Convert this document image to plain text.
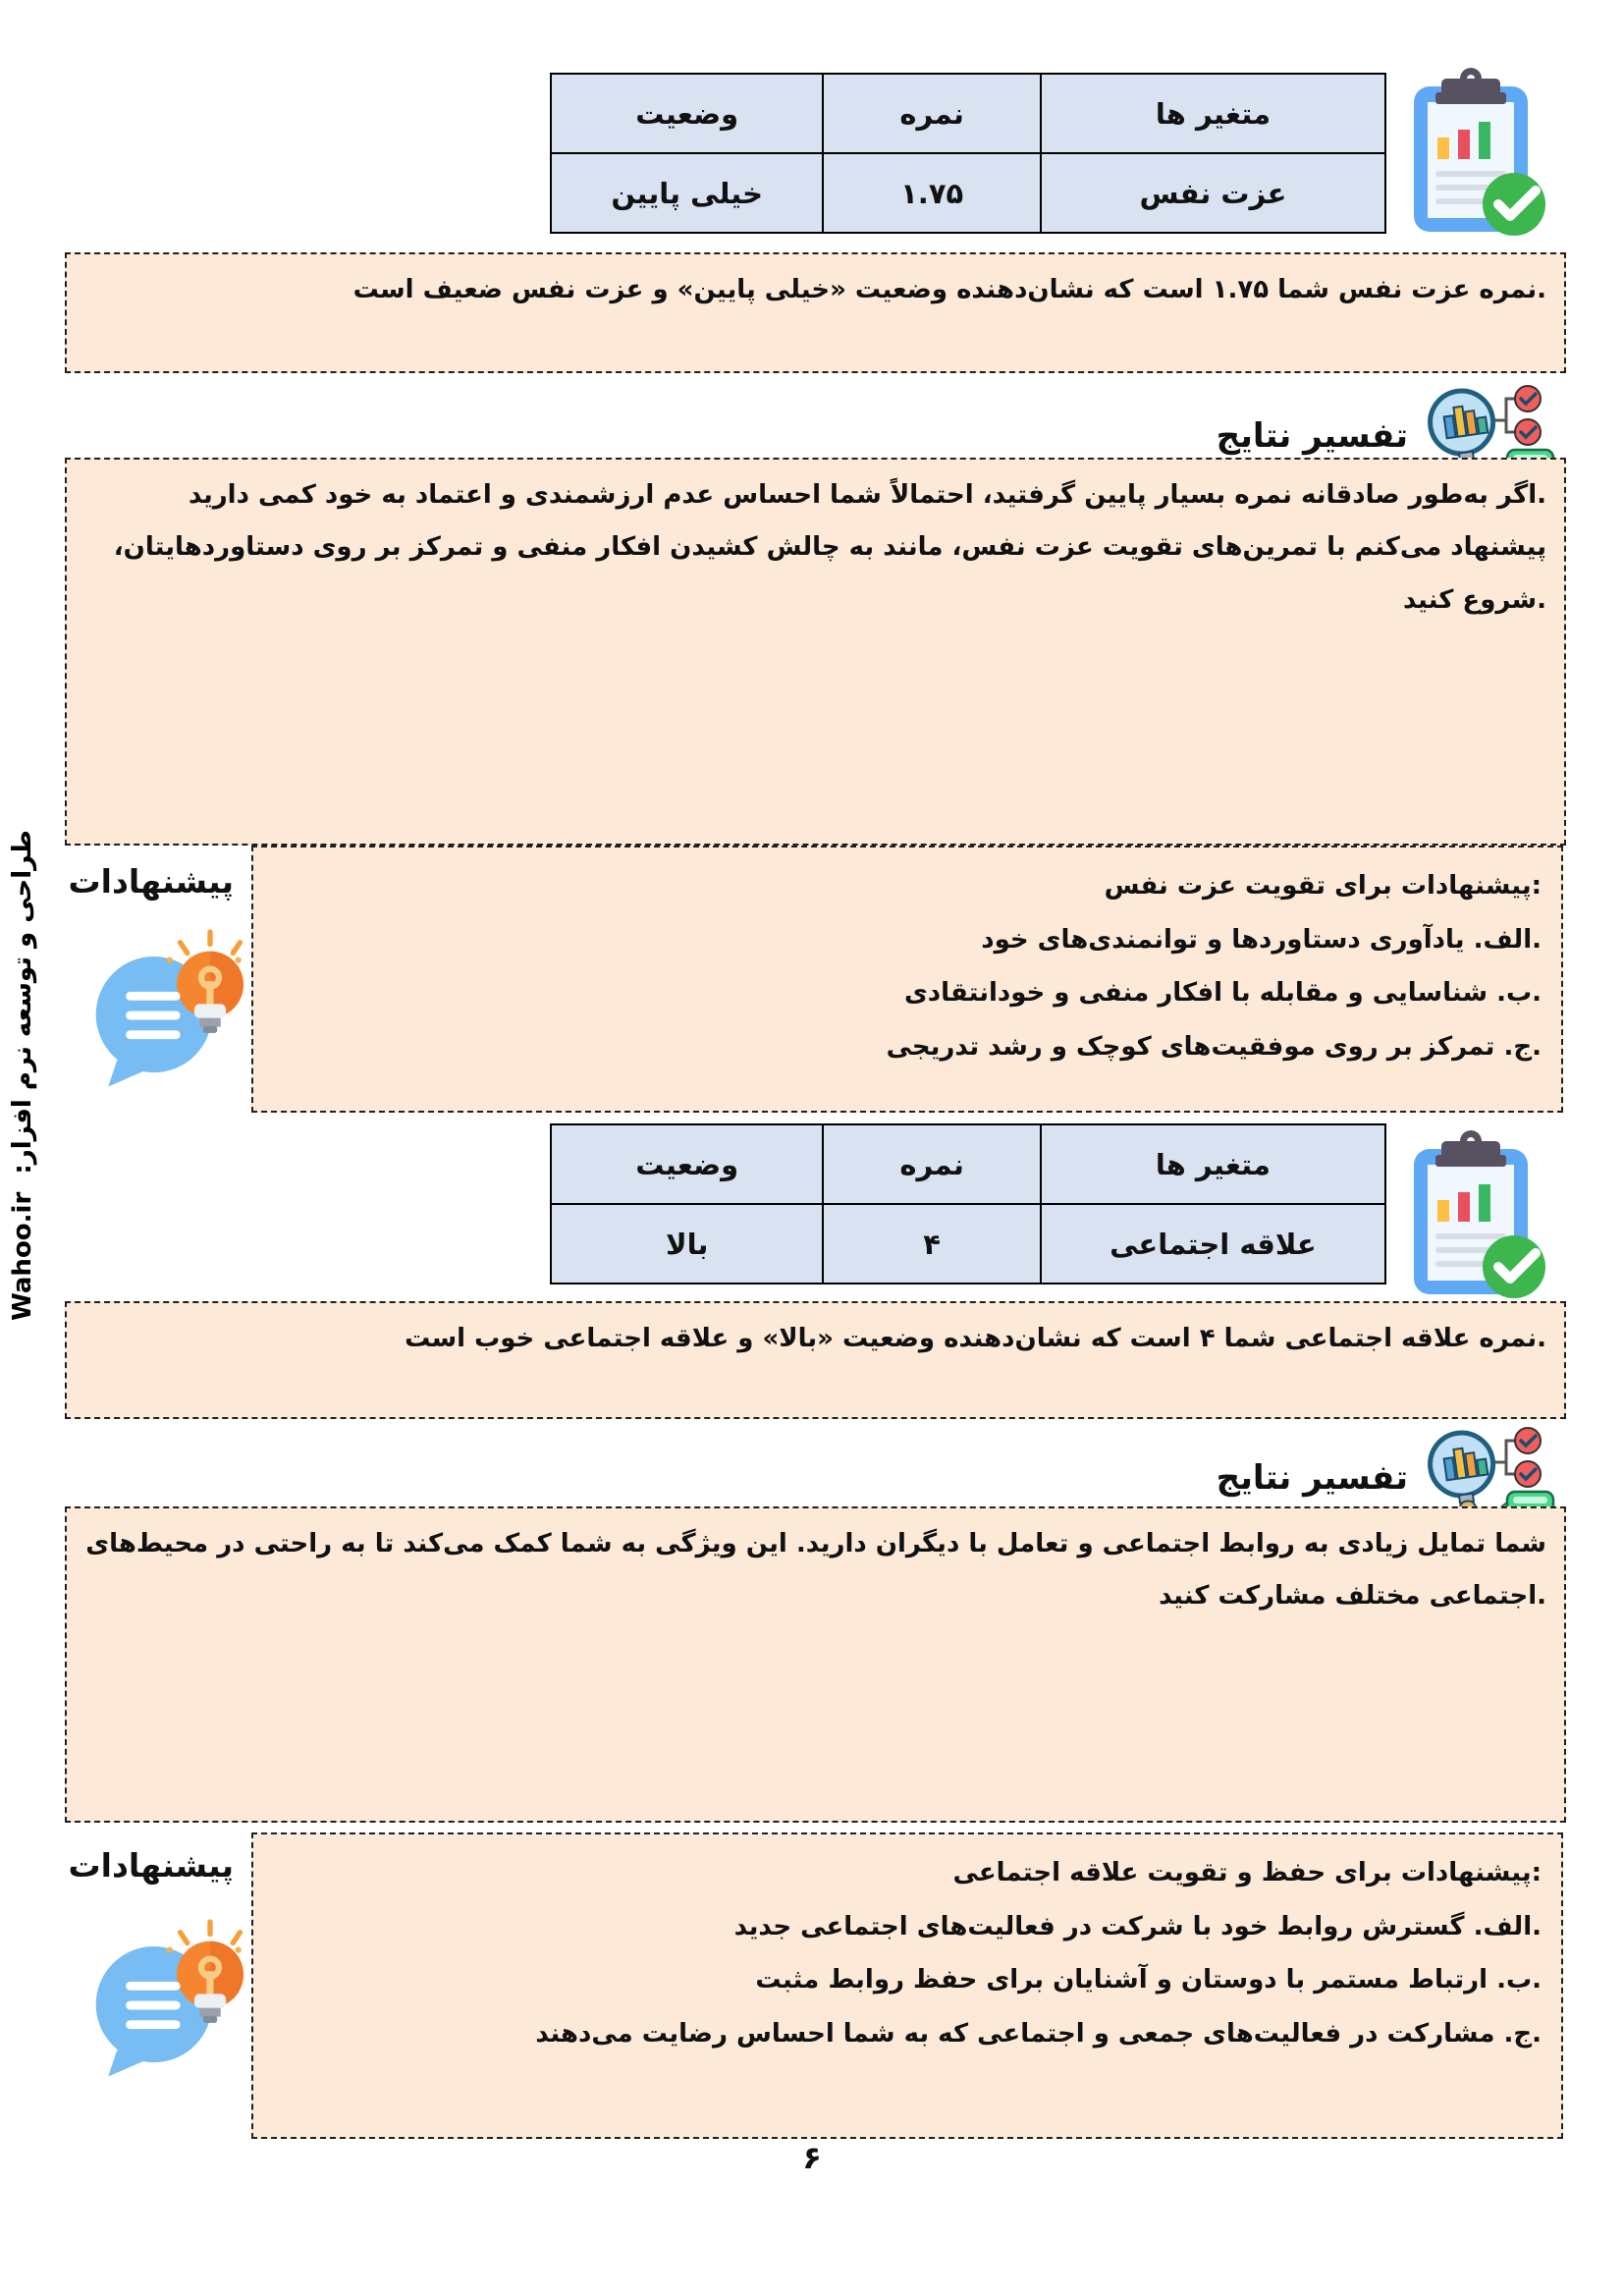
طراحی و توسعه نرم افزار:  Wahoo.ir
متغیر ها	نمره	وضعیت
عزت نفس	۱.۷۵	خیلی پایین

نمره عزت نفس شما ۱.۷۵ است که نشان‌دهنده وضعیت «خیلی پایین» و عزت نفس ضعیف است.

تفسیر نتایج

اگر به‌طور صادقانه نمره بسیار پایین گرفتید، احتمالاً شما احساس عدم ارزشمندی و اعتماد به خود کمی دارید.

پیشنهاد می‌کنم با تمرین‌های تقویت عزت نفس، مانند به چالش کشیدن افکار منفی و تمرکز بر روی دستاوردهایتان، شروع کنید.

پیشنهادات	پیشنهادات برای تقویت عزت نفس:

الف. یادآوری دستاوردها و توانمندی‌های خود.

ب. شناسایی و مقابله با افکار منفی و خودانتقادی.

ج. تمرکز بر روی موفقیت‌های کوچک و رشد تدریجی.

متغیر ها	نمره	وضعیت
علاقه اجتماعی	۴	بالا

نمره علاقه اجتماعی شما ۴ است که نشان‌دهنده وضعیت «بالا» و علاقه اجتماعی خوب است.

تفسیر نتایج

شما تمایل زیادی به روابط اجتماعی و تعامل با دیگران دارید. این ویژگی به شما کمک می‌کند تا به راحتی در محیط‌های اجتماعی مختلف مشارکت کنید.

پیشنهادات	پیشنهادات برای حفظ و تقویت علاقه اجتماعی:

الف. گسترش روابط خود با شرکت در فعالیت‌های اجتماعی جدید.

ب. ارتباط مستمر با دوستان و آشنایان برای حفظ روابط مثبت.

ج. مشارکت در فعالیت‌های جمعی و اجتماعی که به شما احساس رضایت می‌دهند.

۶
